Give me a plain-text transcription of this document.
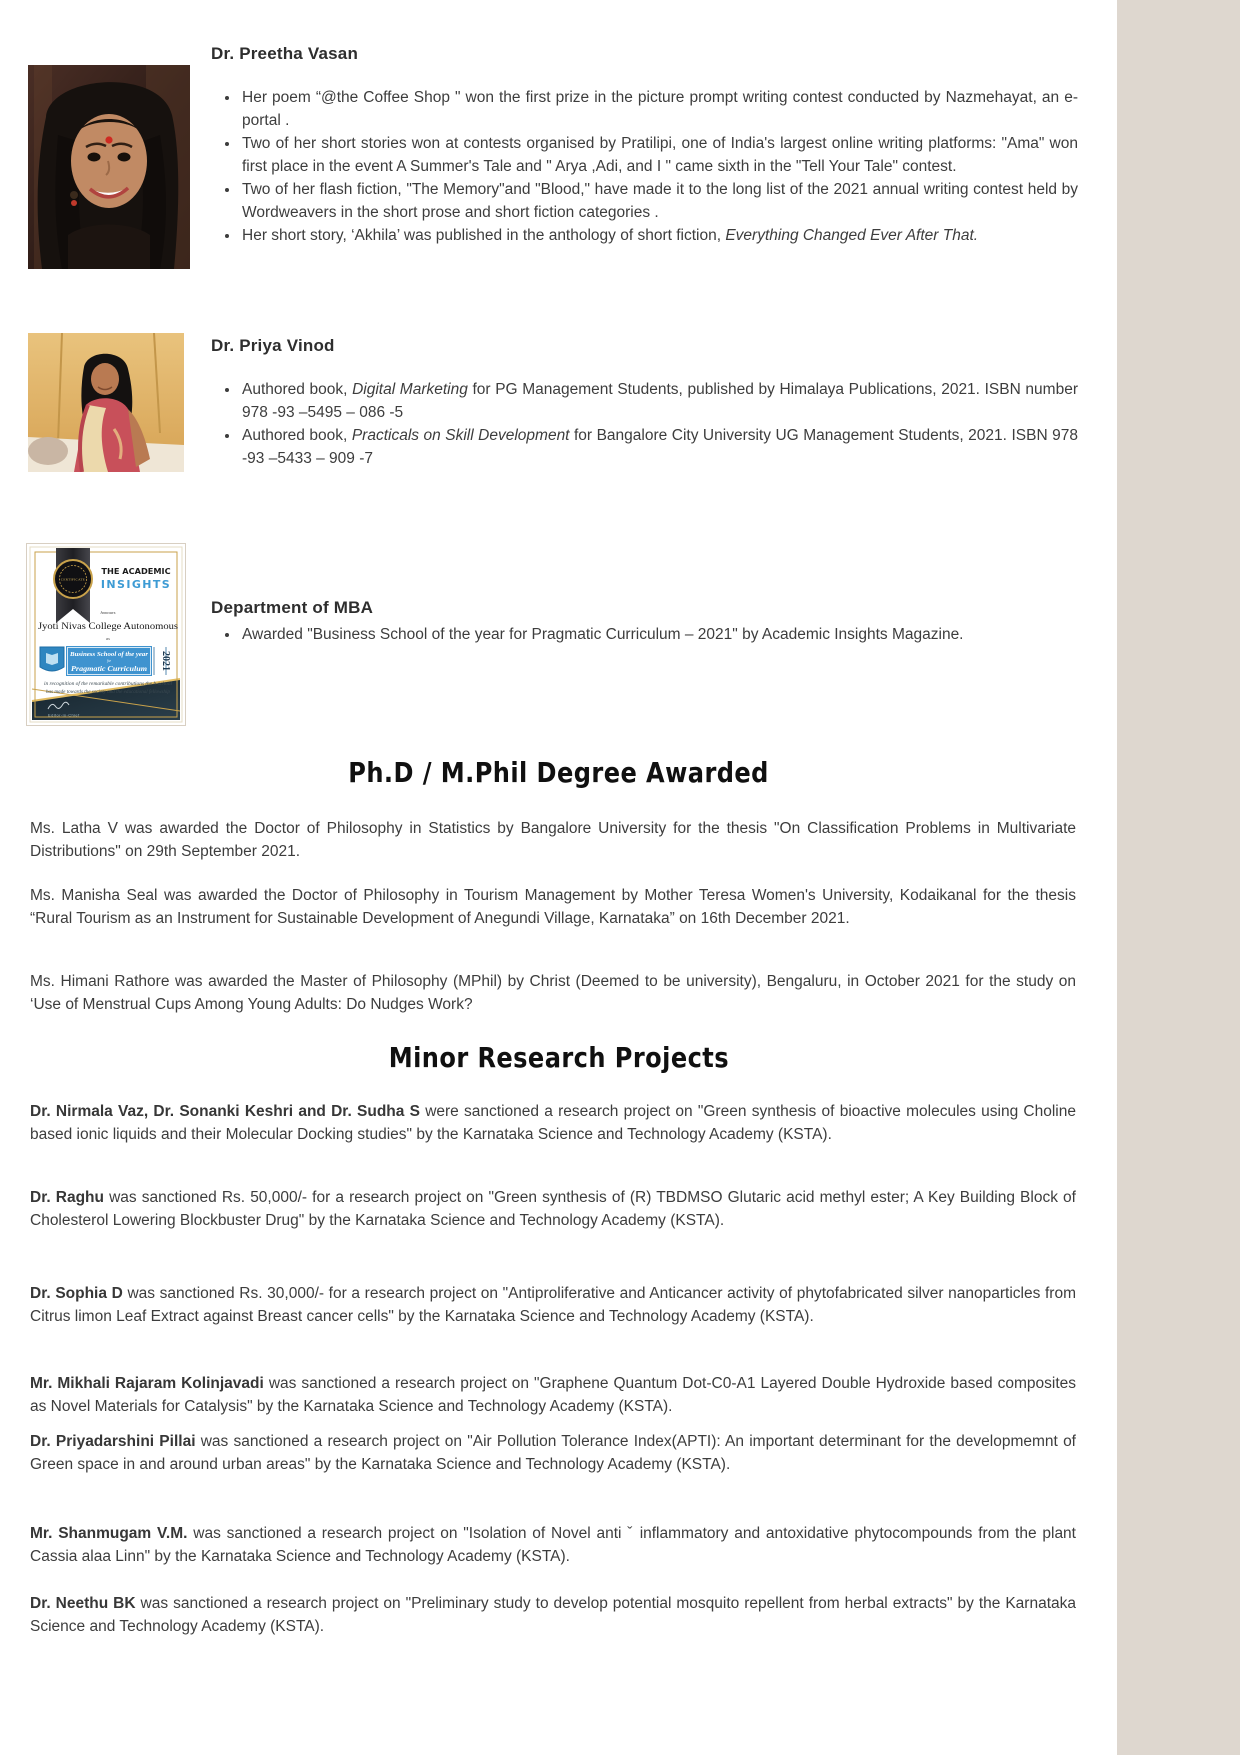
Dr. Preetha Vasan
• Her poem “@the Coffee Shop " won the first prize in the picture prompt writing contest conducted by Nazmehayat, an e-portal .
• Two of her short stories won at contests organised by Pratilipi, one of India's largest online writing platforms: "Ama" won first place in the event A Summer's Tale and " Arya ,Adi, and I " came sixth in the "Tell Your Tale" contest.
• Two of her flash fiction, "The Memory"and "Blood," have made it to the long list of the 2021 annual writing contest held by Wordweavers in the short prose and short fiction categories .
• Her short story, ‘Akhila’ was published in the anthology of short fiction, Everything Changed Ever After That.
Dr. Priya Vinod
• Authored book, Digital Marketing for PG Management Students, published by Himalaya Publications, 2021. ISBN number 978 -93 –5495 – 086 -5
• Authored book, Practicals on Skill Development for Bangalore City University UG Management Students, 2021. ISBN 978 -93 –5433 – 909 -7
Editor-in-Chief
CERTIFICATE
THE ACADEMIC
INSIGHTS
honours
Jyoti Nivas College Autonomous
as
Business School of the year
for
Pragmatic Curriculum 2021
in recognition of the remarkable contributions the b-school
has made towards the society and the educational fellowship
Department of MBA
• Awarded "Business School of the year for Pragmatic Curriculum – 2021" by Academic Insights Magazine.
Ph.D / M.Phil Degree Awarded

Ms. Latha V was awarded the Doctor of Philosophy in Statistics by Bangalore University for the thesis "On Classification Problems in Multivariate Distributions" on 29th September 2021.

Ms. Manisha Seal was awarded the Doctor of Philosophy in Tourism Management by Mother Teresa Women's University, Kodaikanal for the thesis “Rural Tourism as an Instrument for Sustainable Development of Anegundi Village, Karnataka” on 16th December 2021.

Ms. Himani Rathore was awarded the Master of Philosophy (MPhil) by Christ (Deemed to be university), Bengaluru, in October 2021 for the study on ‘Use of Menstrual Cups Among Young Adults: Do Nudges Work?

Minor Research Projects

Dr. Nirmala Vaz, Dr. Sonanki Keshri and Dr. Sudha S were sanctioned a research project on "Green synthesis of bioactive molecules using Choline based ionic liquids and their Molecular Docking studies" by the Karnataka Science and Technology Academy (KSTA).

Dr. Raghu was sanctioned Rs. 50,000/- for a research project on "Green synthesis of (R) TBDMSO Glutaric acid methyl ester; A Key Building Block of Cholesterol Lowering Blockbuster Drug" by the Karnataka Science and Technology Academy (KSTA).

Dr. Sophia D was sanctioned Rs. 30,000/- for a research project on "Antiproliferative and Anticancer activity of phytofabricated silver nanoparticles from Citrus limon Leaf Extract against Breast cancer cells" by the Karnataka Science and Technology Academy (KSTA).

Mr. Mikhali Rajaram Kolinjavadi was sanctioned a research project on "Graphene Quantum Dot-C0-A1 Layered Double Hydroxide based composites as Novel Materials for Catalysis" by the Karnataka Science and Technology Academy (KSTA).

Dr. Priyadarshini Pillai was sanctioned a research project on "Air Pollution Tolerance Index(APTI): An important determinant for the developmemnt of Green space in and around urban areas" by the Karnataka Science and Technology Academy (KSTA).

Mr. Shanmugam V.M. was sanctioned a research project on "Isolation of Novel anti ˇ inflammatory and antoxidative phytocompounds from the plant Cassia alaa Linn" by the Karnataka Science and Technology Academy (KSTA).

Dr. Neethu BK was sanctioned a research project on "Preliminary study to develop potential mosquito repellent from herbal extracts" by the Karnataka Science and Technology Academy (KSTA).
